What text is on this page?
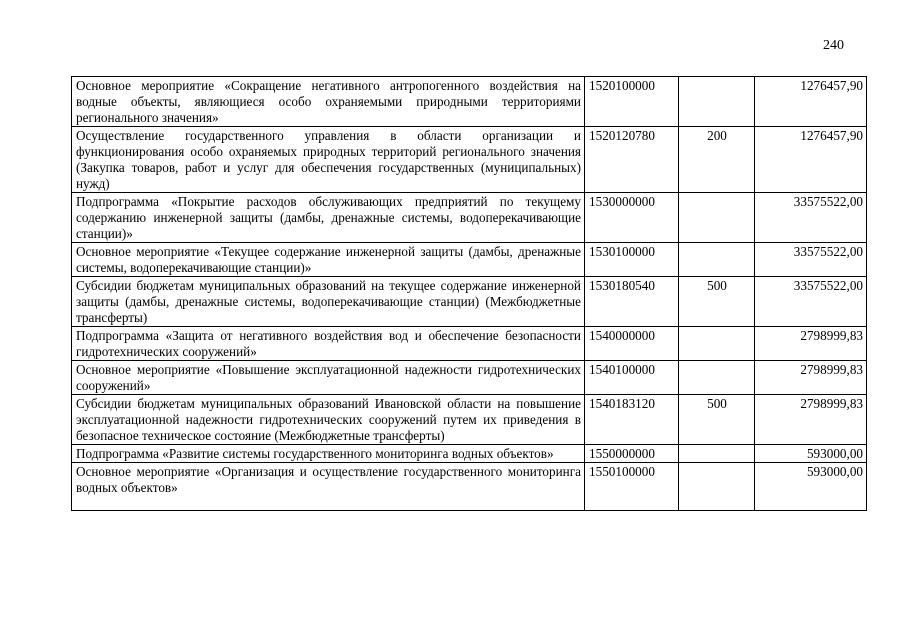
240
Основное мероприятие «Сокращение негативного антропогенного воздействия на водные объекты, являющиеся особо охраняемыми природными территориями регионального значения»	1520100000		1276457,90
Осуществление государственного управления в области организации и функционирования особо охраняемых природных территорий регионального значения (Закупка товаров, работ и услуг для обеспечения государственных (муниципальных) нужд)	1520120780	200	1276457,90
Подпрограмма «Покрытие расходов обслуживающих предприятий по текущему содержанию инженерной защиты (дамбы, дренажные системы, водоперекачивающие станции)»	1530000000		33575522,00
Основное мероприятие «Текущее содержание инженерной защиты (дамбы, дренажные системы, водоперекачивающие станции)»	1530100000		33575522,00
Субсидии бюджетам муниципальных образований на текущее содержание инженерной защиты (дамбы, дренажные системы, водоперекачивающие станции) (Межбюджетные трансферты)	1530180540	500	33575522,00
Подпрограмма «Защита от негативного воздействия вод и обеспечение безопасности гидротехнических сооружений»	1540000000		2798999,83
Основное мероприятие «Повышение эксплуатационной надежности гидротехнических сооружений»	1540100000		2798999,83
Субсидии бюджетам муниципальных образований Ивановской области на повышение эксплуатационной надежности гидротехнических сооружений путем их приведения в безопасное техническое состояние (Межбюджетные трансферты)	1540183120	500	2798999,83
Подпрограмма «Развитие системы государственного мониторинга водных объектов»	1550000000		593000,00
Основное мероприятие «Организация и осуществление государственного мониторинга водных объектов»	1550100000		593000,00
